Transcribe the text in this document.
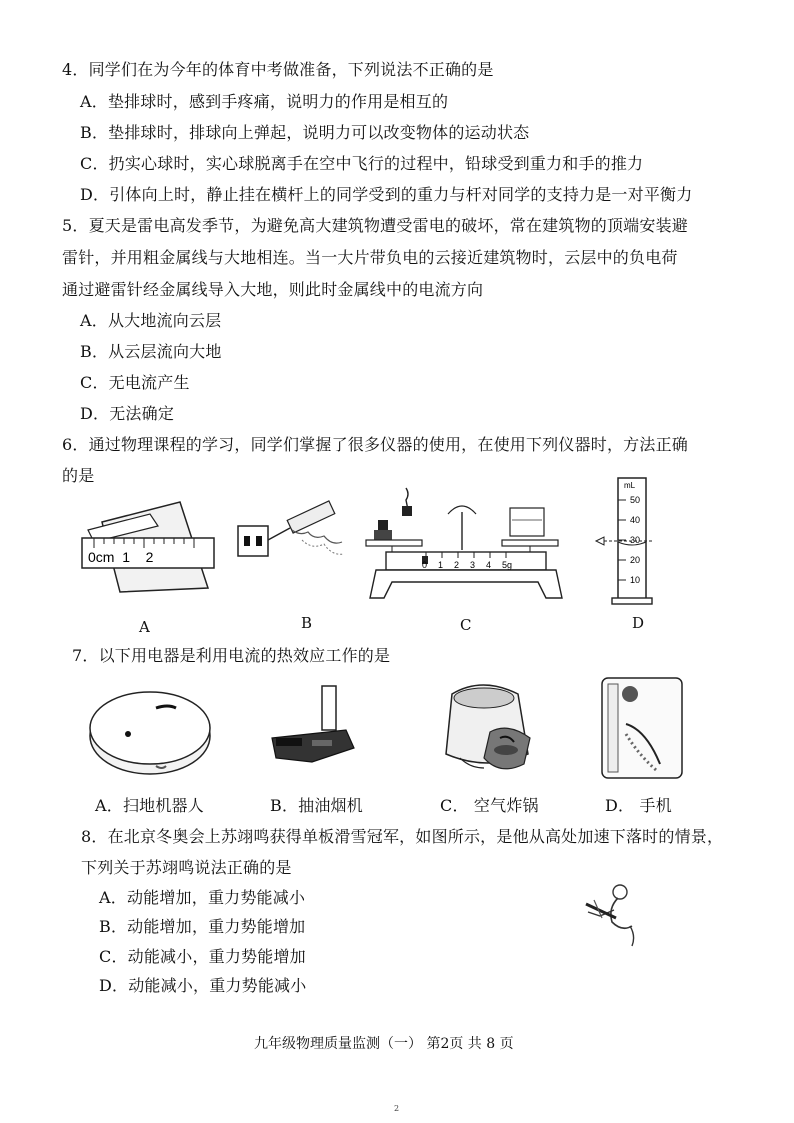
4．同学们在为今年的体育中考做准备，下列说法不正确的是
A．垫排球时，感到手疼痛，说明力的作用是相互的
B．垫排球时，排球向上弹起，说明力可以改变物体的运动状态
C．扔实心球时，实心球脱离手在空中飞行的过程中，铅球受到重力和手的推力
D．引体向上时，静止挂在横杆上的同学受到的重力与杆对同学的支持力是一对平衡力
5．夏天是雷电高发季节，为避免高大建筑物遭受雷电的破坏，常在建筑物的顶端安装避
雷针，并用粗金属线与大地相连。当一大片带负电的云接近建筑物时，云层中的负电荷
通过避雷针经金属线导入大地，则此时金属线中的电流方向
A．从大地流向云层
B．从云层流向大地
C．无电流产生
D．无法确定
6．通过物理课程的学习，同学们掌握了很多仪器的使用，在使用下列仪器时，方法正确
的是
0cm  1    2	0 1 2 3 4 5g
mL
50
40
30
20
10
A	B	C	D
7．以下用电器是利用电流的热效应工作的是
A．扫地机器人	B．抽油烟机	C． 空气炸锅	D． 手机
8．在北京冬奥会上苏翊鸣获得单板滑雪冠军，如图所示，是他从高处加速下落时的情景，
下列关于苏翊鸣说法正确的是
A．动能增加，重力势能减小
B．动能增加，重力势能增加
C．动能减小，重力势能增加
D．动能减小，重力势能减小
九年级物理质量监测（一） 第2页 共 8 页
2
